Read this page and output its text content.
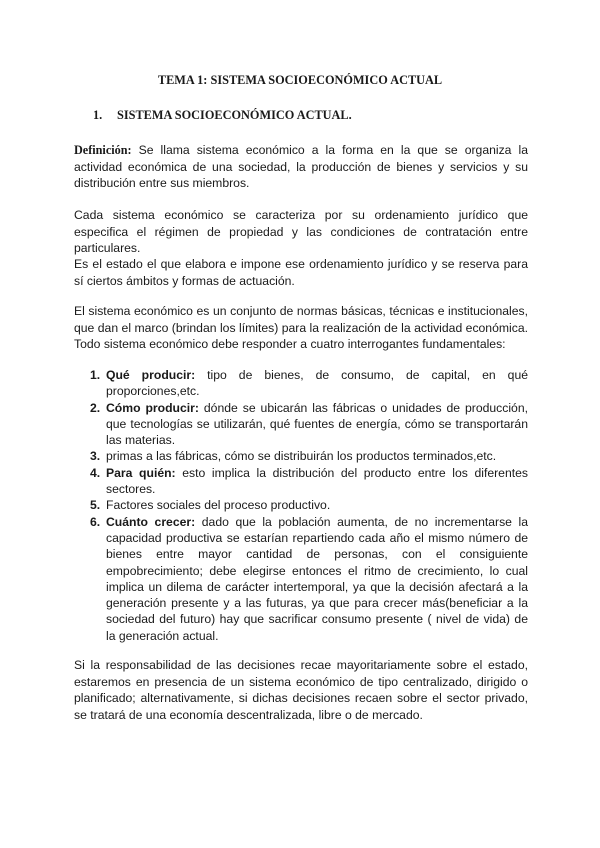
TEMA 1: SISTEMA SOCIOECONÓMICO ACTUAL
1. SISTEMA SOCIOECONÓMICO ACTUAL.
Definición: Se llama sistema económico a la forma en la que se organiza la actividad económica de una sociedad, la producción de bienes y servicios y su distribución entre sus miembros.
Cada sistema económico se caracteriza por su ordenamiento jurídico que especifica el régimen de propiedad y las condiciones de contratación entre particulares.
Es el estado el que elabora e impone ese ordenamiento jurídico y se reserva para sí ciertos ámbitos y formas de actuación.
El sistema económico es un conjunto de normas básicas, técnicas e institucionales, que dan el marco (brindan los límites) para la realización de la actividad económica. Todo sistema económico debe responder a cuatro interrogantes fundamentales:
1. Qué producir: tipo de bienes, de consumo, de capital, en qué proporciones,etc.
2. Cómo producir: dónde se ubicarán las fábricas o unidades de producción, que tecnologías se utilizarán, qué fuentes de energía, cómo se transportarán las materias.
3. primas a las fábricas, cómo se distribuirán los productos terminados,etc.
4. Para quién: esto implica la distribución del producto entre los diferentes sectores.
5. Factores sociales del proceso productivo.
6. Cuánto crecer: dado que la población aumenta, de no incrementarse la capacidad productiva se estarían repartiendo cada año el mismo número de bienes entre mayor cantidad de personas, con el consiguiente empobrecimiento; debe elegirse entonces el ritmo de crecimiento, lo cual implica un dilema de carácter intertemporal, ya que la decisión afectará a la generación presente y a las futuras, ya que para crecer más(beneficiar a la sociedad del futuro) hay que sacrificar consumo presente ( nivel de vida) de la generación actual.
Si la responsabilidad de las decisiones recae mayoritariamente sobre el estado, estaremos en presencia de un sistema económico de tipo centralizado, dirigido o planificado; alternativamente, si dichas decisiones recaen sobre el sector privado, se tratará de una economía descentralizada, libre o de mercado.
